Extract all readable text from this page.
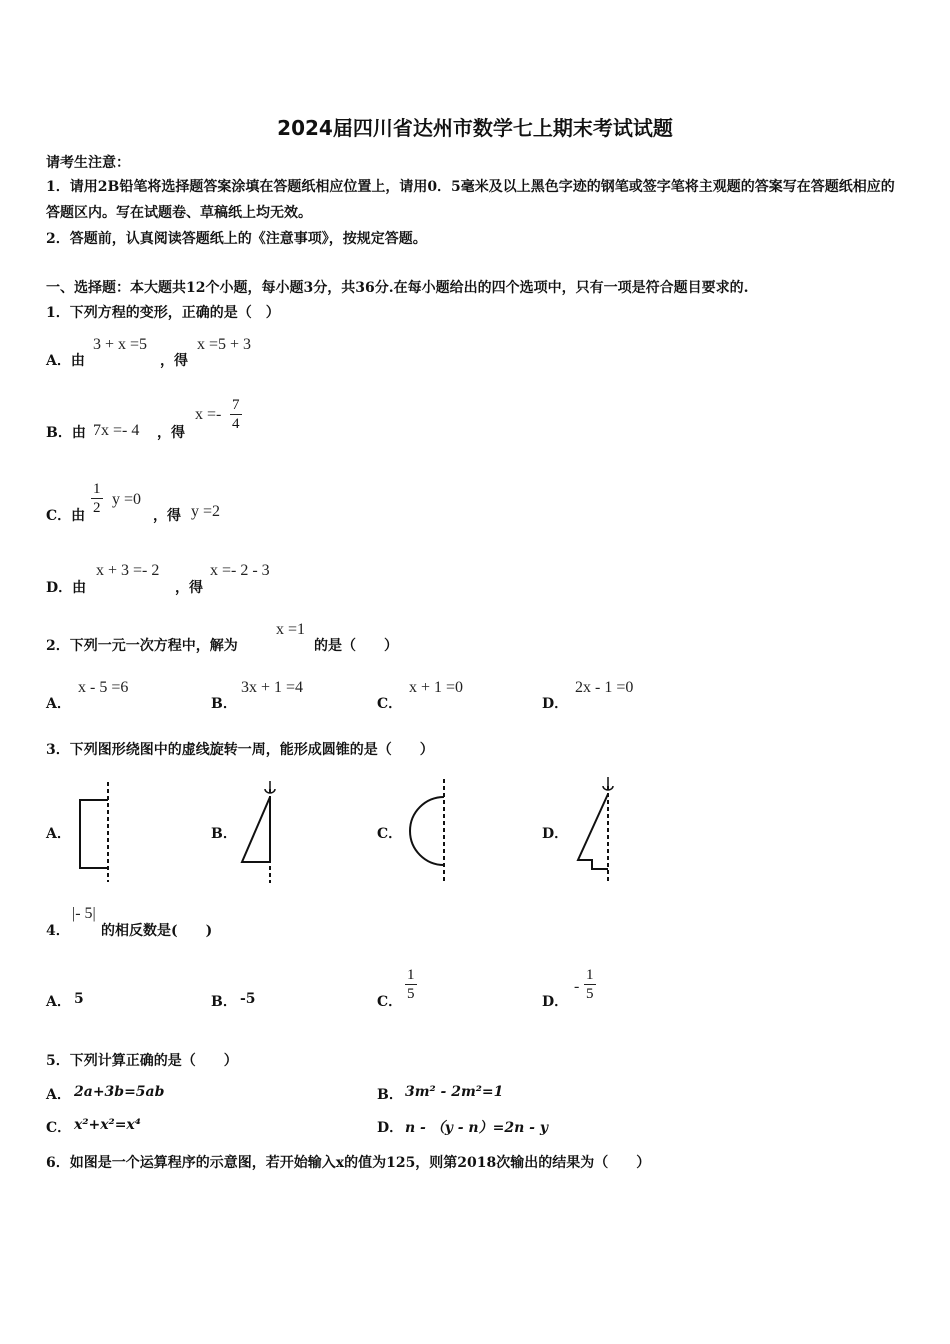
2024届四川省达州市数学七上期末考试试题
请考生注意：
1．请用2B铅笔将选择题答案涂填在答题纸相应位置上，请用0．5毫米及以上黑色字迹的钢笔或签字笔将主观题的答案写在答题纸相应的答题区内。写在试题卷、草稿纸上均无效。
2．答题前，认真阅读答题纸上的《注意事项》，按规定答题。
一、选择题：本大题共12个小题，每小题3分，共36分.在每小题给出的四个选项中，只有一项是符合题目要求的.
1．下列方程的变形，正确的是（　）
A．由
3 + x =5
，得
x =5 + 3
B．由 7x =- 4 ，得
$x =- \frac{7}{4}$
C．由 $\frac{1}{2}$ y =0
，得 y =2
D．由
x + 3 =- 2
，得
x =- 2 - 3
2．下列一元一次方程中，解为
x =1
的是（　　）
A．
x - 5 =6
B．
3x + 1 =4
C．
x + 1 =0
D．
2x - 1 =0
3．下列图形绕图中的虚线旋转一周，能形成圆锥的是（　　）
A．	B．	C．	D．
4．
|- 5|
的相反数是(　　)
A． 5	B． -5	C． $\frac{1}{5}$	D．
- $\frac{1}{5}$
5．下列计算正确的是（　　）
A． 2a+3b=5ab	B． 3m² - 2m²=1
C． x²+x²=x⁴	D． n - （y - n）=2n - y
6．如图是一个运算程序的示意图，若开始输入x的值为125，则第2018次输出的结果为（　　）
